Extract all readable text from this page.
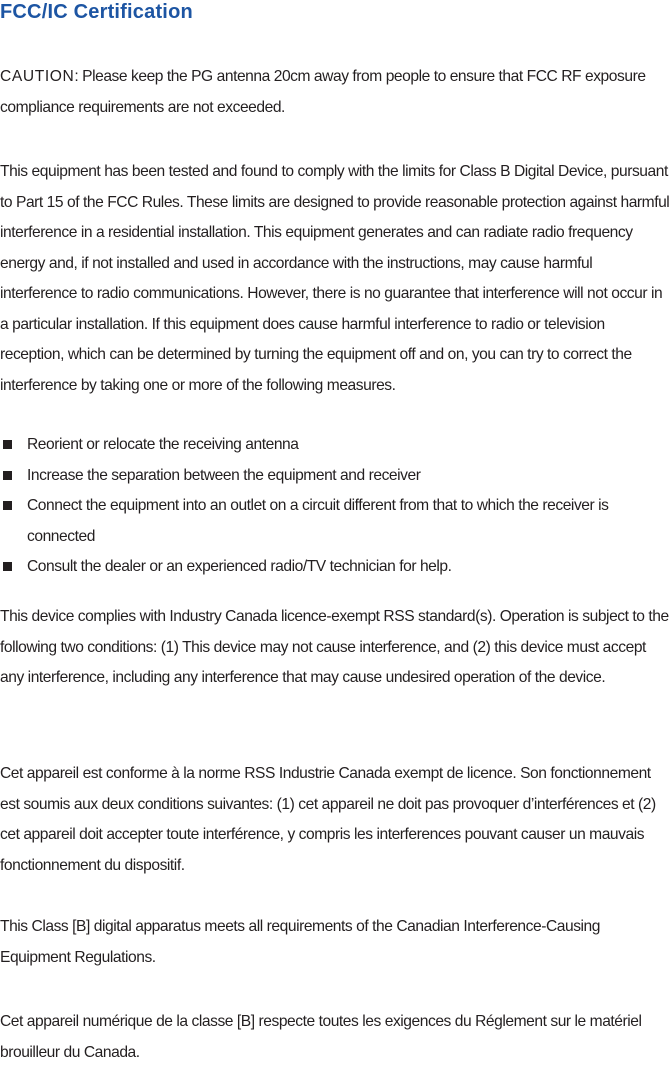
FCC/IC Certification

CAUTION: Please keep the PG antenna 20cm away from people to ensure that FCC RF exposure compliance requirements are not exceeded.

This equipment has been tested and found to comply with the limits for Class B Digital Device, pursuant to Part 15 of the FCC Rules. These limits are designed to provide reasonable protection against harmful interference in a residential installation. This equipment generates and can radiate radio frequency energy and, if not installed and used in accordance with the instructions, may cause harmful interference to radio communications. However, there is no guarantee that interference will not occur in a particular installation. If this equipment does cause harmful interference to radio or television reception, which can be determined by turning the equipment off and on, you can try to correct the interference by taking one or more of the following measures.

Reorient or relocate the receiving antenna
Increase the separation between the equipment and receiver
Connect the equipment into an outlet on a circuit different from that to which the receiver is connected
Consult the dealer or an experienced radio/TV technician for help.

This device complies with Industry Canada licence-exempt RSS standard(s). Operation is subject to the following two conditions: (1) This device may not cause interference, and (2) this device must accept any interference, including any interference that may cause undesired operation of the device.

Cet appareil est conforme à la norme RSS Industrie Canada exempt de licence. Son fonctionnement est soumis aux deux conditions suivantes: (1) cet appareil ne doit pas provoquer d’interférences et (2) cet appareil doit accepter toute interférence, y compris les interferences pouvant causer un mauvais fonctionnement du dispositif.

This Class [B] digital apparatus meets all requirements of the Canadian Interference-Causing Equipment Regulations.

Cet appareil numérique de la classe [B] respecte toutes les exigences du Réglement sur le matériel brouilleur du Canada.
